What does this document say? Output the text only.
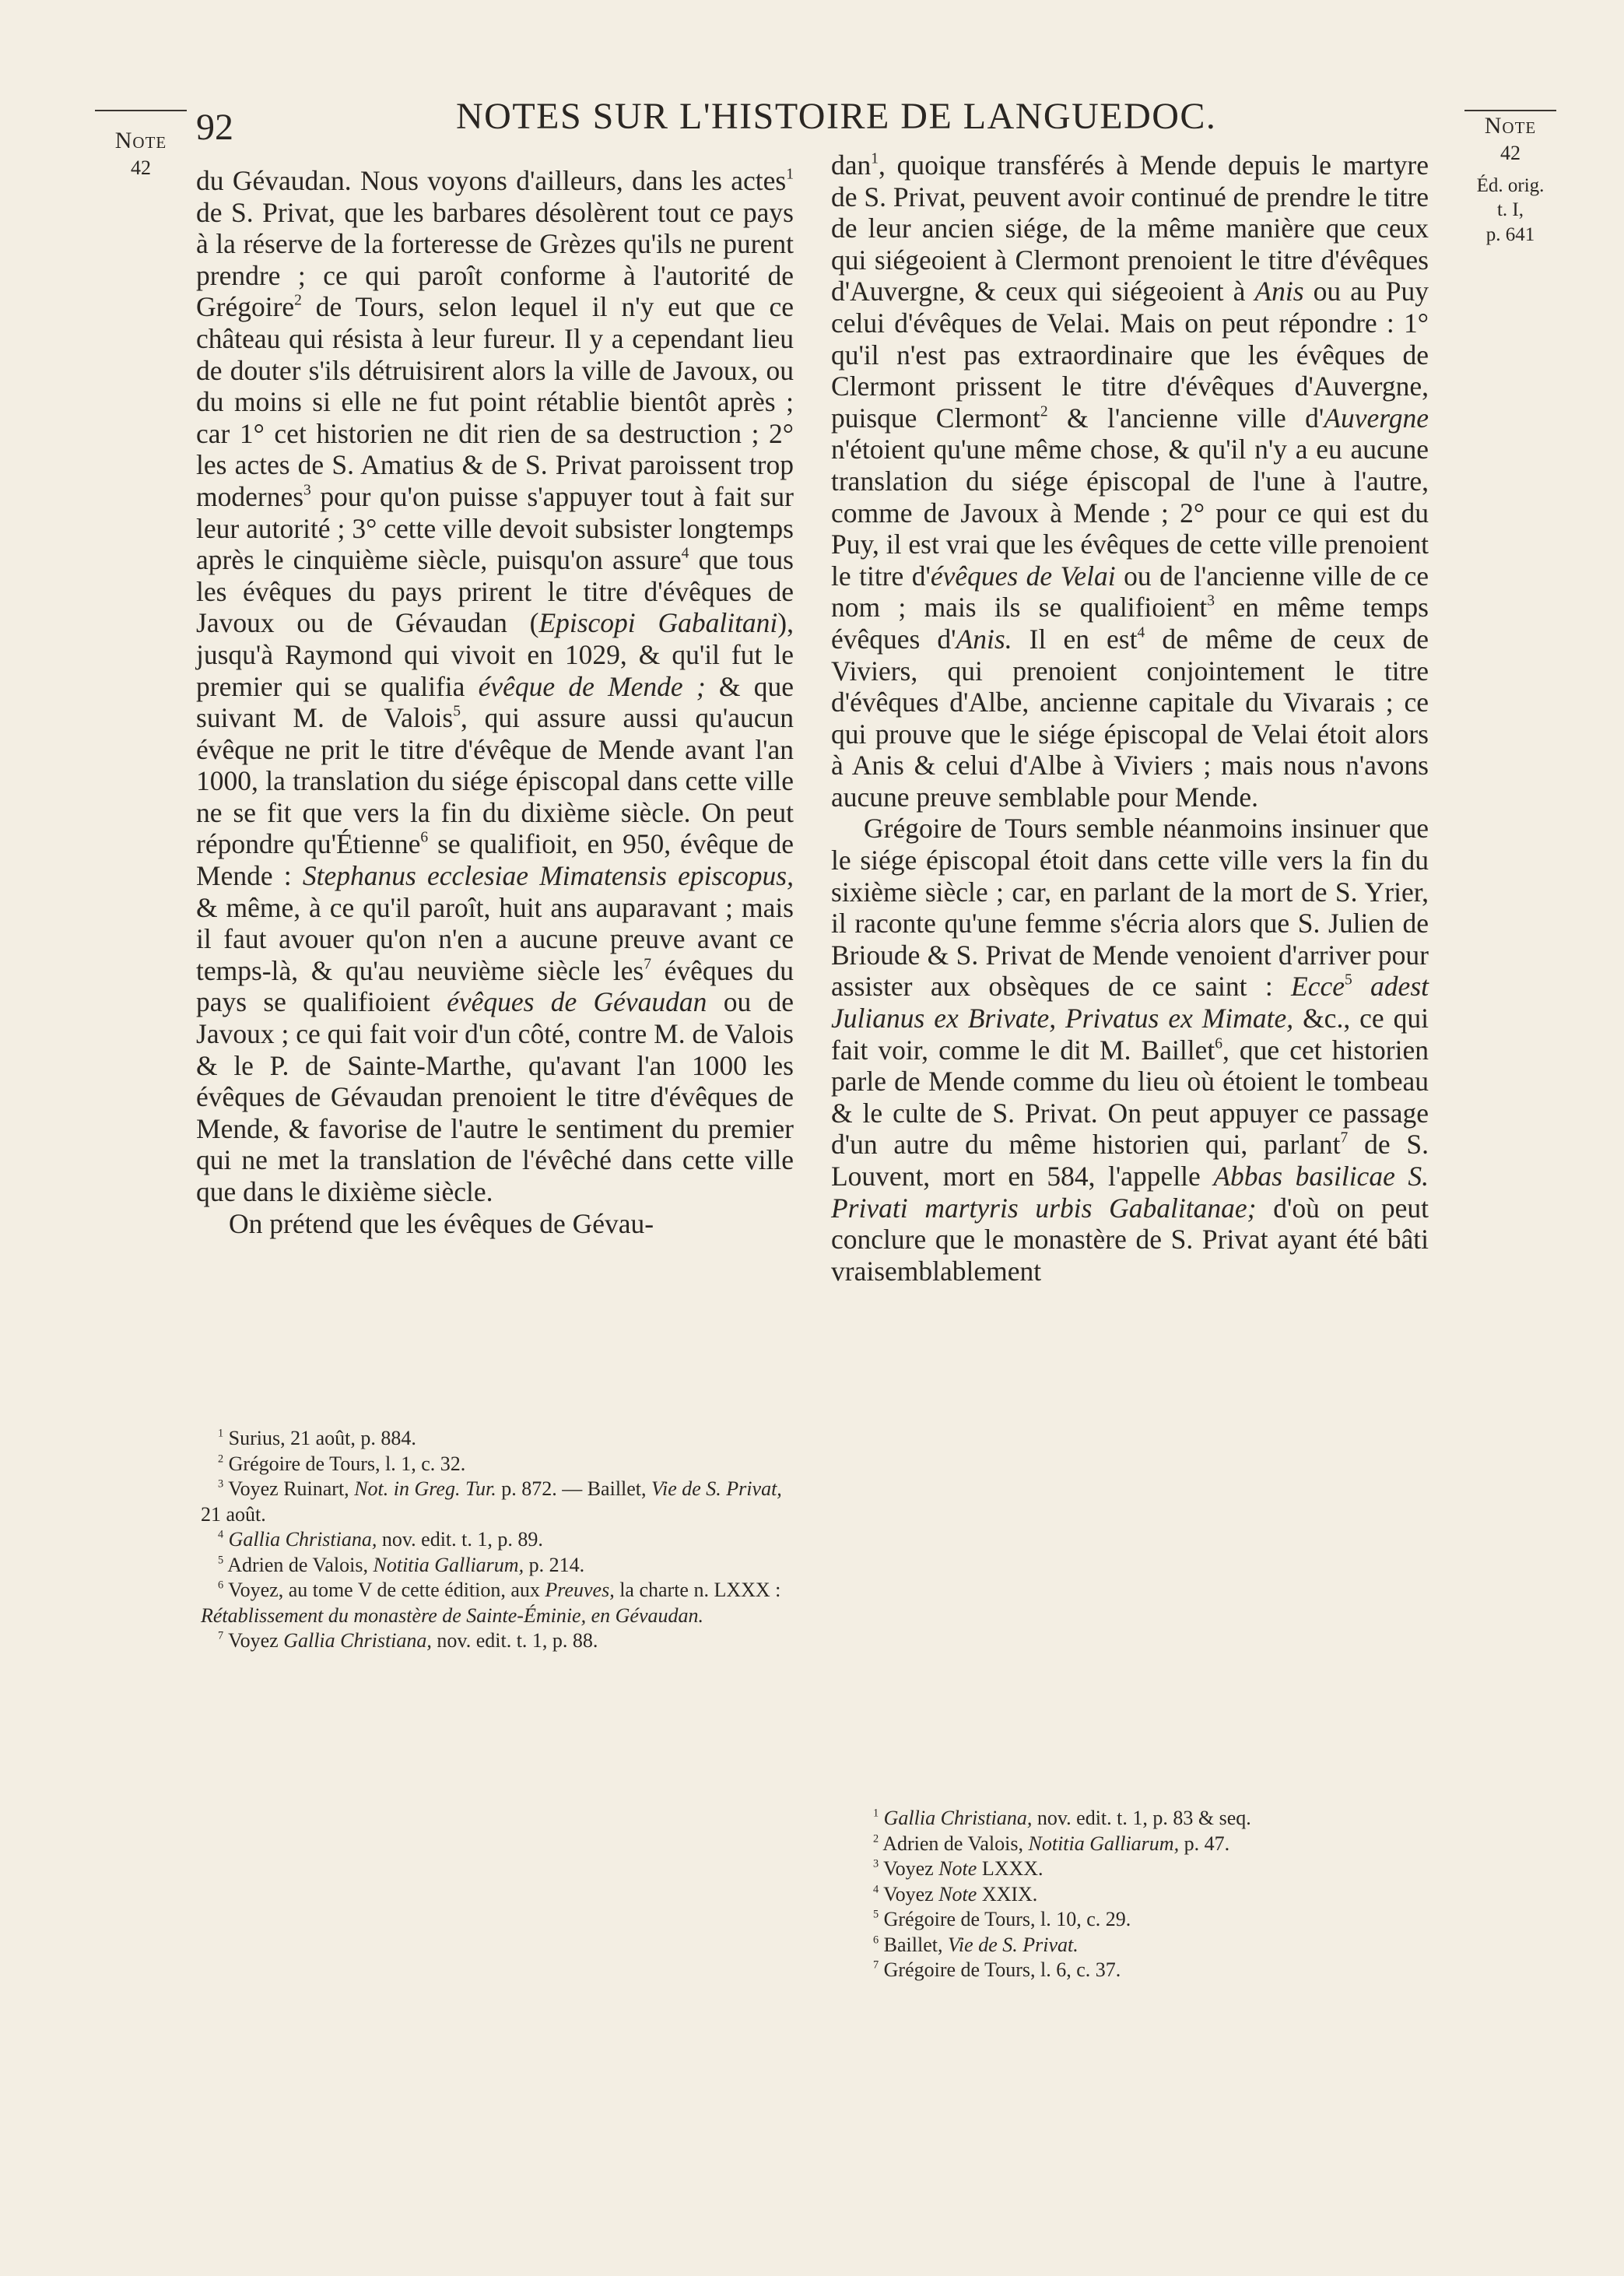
Note
42
Note
42
Éd. orig.
t. I,
p. 641
92	NOTES SUR L'HISTOIRE DE LANGUEDOC.

du Gévaudan. Nous voyons d'ailleurs, dans les actes$^1$ de S. Privat, que les barbares désolèrent tout ce pays à la réserve de la forteresse de Grèzes qu'ils ne purent prendre ; ce qui paroît conforme à l'autorité de Grégoire$^2$ de Tours, selon lequel il n'y eut que ce château qui résista à leur fureur. Il y a cependant lieu de douter s'ils détruisirent alors la ville de Javoux, ou du moins si elle ne fut point rétablie bientôt après ; car 1° cet historien ne dit rien de sa destruction ; 2° les actes de S. Amatius & de S. Privat paroissent trop modernes$^3$ pour qu'on puisse s'appuyer tout à fait sur leur autorité ; 3° cette ville devoit subsister longtemps après le cinquième siècle, puisqu'on assure$^4$ que tous les évêques du pays prirent le titre d'évêques de Javoux ou de Gévaudan (Episcopi Gabalitani), jusqu'à Raymond qui vivoit en 1029, & qu'il fut le premier qui se qualifia évêque de Mende ; & que suivant M. de Valois$^5$, qui assure aussi qu'aucun évêque ne prit le titre d'évêque de Mende avant l'an 1000, la translation du siége épiscopal dans cette ville ne se fit que vers la fin du dixième siècle. On peut répondre qu'Étienne$^6$ se qualifioit, en 950, évêque de Mende : Stephanus ecclesiae Mimatensis episcopus, & même, à ce qu'il paroît, huit ans auparavant ; mais il faut avouer qu'on n'en a aucune preuve avant ce temps-là, & qu'au neuvième siècle les$^7$ évêques du pays se qualifioient évêques de Gévaudan ou de Javoux ; ce qui fait voir d'un côté, contre M. de Valois & le P. de Sainte-Marthe, qu'avant l'an 1000 les évêques de Gévaudan prenoient le titre d'évêques de Mende, & favorise de l'autre le sentiment du premier qui ne met la translation de l'évêché dans cette ville que dans le dixième siècle.

On prétend que les évêques de Gévau-

dan$^1$, quoique transférés à Mende depuis le martyre de S. Privat, peuvent avoir continué de prendre le titre de leur ancien siége, de la même manière que ceux qui siégeoient à Clermont prenoient le titre d'évêques d'Auvergne, & ceux qui siégeoient à Anis ou au Puy celui d'évêques de Velai. Mais on peut répondre : 1° qu'il n'est pas extraordinaire que les évêques de Clermont prissent le titre d'évêques d'Auvergne, puisque Clermont$^2$ & l'ancienne ville d'Auvergne n'étoient qu'une même chose, & qu'il n'y a eu aucune translation du siége épiscopal de l'une à l'autre, comme de Javoux à Mende ; 2° pour ce qui est du Puy, il est vrai que les évêques de cette ville prenoient le titre d'évêques de Velai ou de l'ancienne ville de ce nom ; mais ils se qualifioient$^3$ en même temps évêques d'Anis. Il en est$^4$ de même de ceux de Viviers, qui prenoient conjointement le titre d'évêques d'Albe, ancienne capitale du Vivarais ; ce qui prouve que le siége épiscopal de Velai étoit alors à Anis & celui d'Albe à Viviers ; mais nous n'avons aucune preuve semblable pour Mende.

Grégoire de Tours semble néanmoins insinuer que le siége épiscopal étoit dans cette ville vers la fin du sixième siècle ; car, en parlant de la mort de S. Yrier, il raconte qu'une femme s'écria alors que S. Julien de Brioude & S. Privat de Mende venoient d'arriver pour assister aux obsèques de ce saint : Ecce$^5$ adest Julianus ex Brivate, Privatus ex Mimate, &c., ce qui fait voir, comme le dit M. Baillet$^6$, que cet historien parle de Mende comme du lieu où étoient le tombeau & le culte de S. Privat. On peut appuyer ce passage d'un autre du même historien qui, parlant$^7$ de S. Louvent, mort en 584, l'appelle Abbas basilicae S. Privati martyris urbis Gabalitanae; d'où on peut conclure que le monastère de S. Privat ayant été bâti vraisemblablement

$^1$ Surius, 21 août, p. 884.

$^2$ Grégoire de Tours, l. 1, c. 32.

$^3$ Voyez Ruinart, Not. in Greg. Tur. p. 872. — Baillet, Vie de S. Privat, 21 août.

$^4$ Gallia Christiana, nov. edit. t. 1, p. 89.

$^5$ Adrien de Valois, Notitia Galliarum, p. 214.

$^6$ Voyez, au tome V de cette édition, aux Preuves, la charte n. LXXX : Rétablissement du monastère de Sainte-Éminie, en Gévaudan.

$^7$ Voyez Gallia Christiana, nov. edit. t. 1, p. 88.

$^1$ Gallia Christiana, nov. edit. t. 1, p. 83 & seq.

$^2$ Adrien de Valois, Notitia Galliarum, p. 47.

$^3$ Voyez Note LXXX.

$^4$ Voyez Note XXIX.

$^5$ Grégoire de Tours, l. 10, c. 29.

$^6$ Baillet, Vie de S. Privat.

$^7$ Grégoire de Tours, l. 6, c. 37.
